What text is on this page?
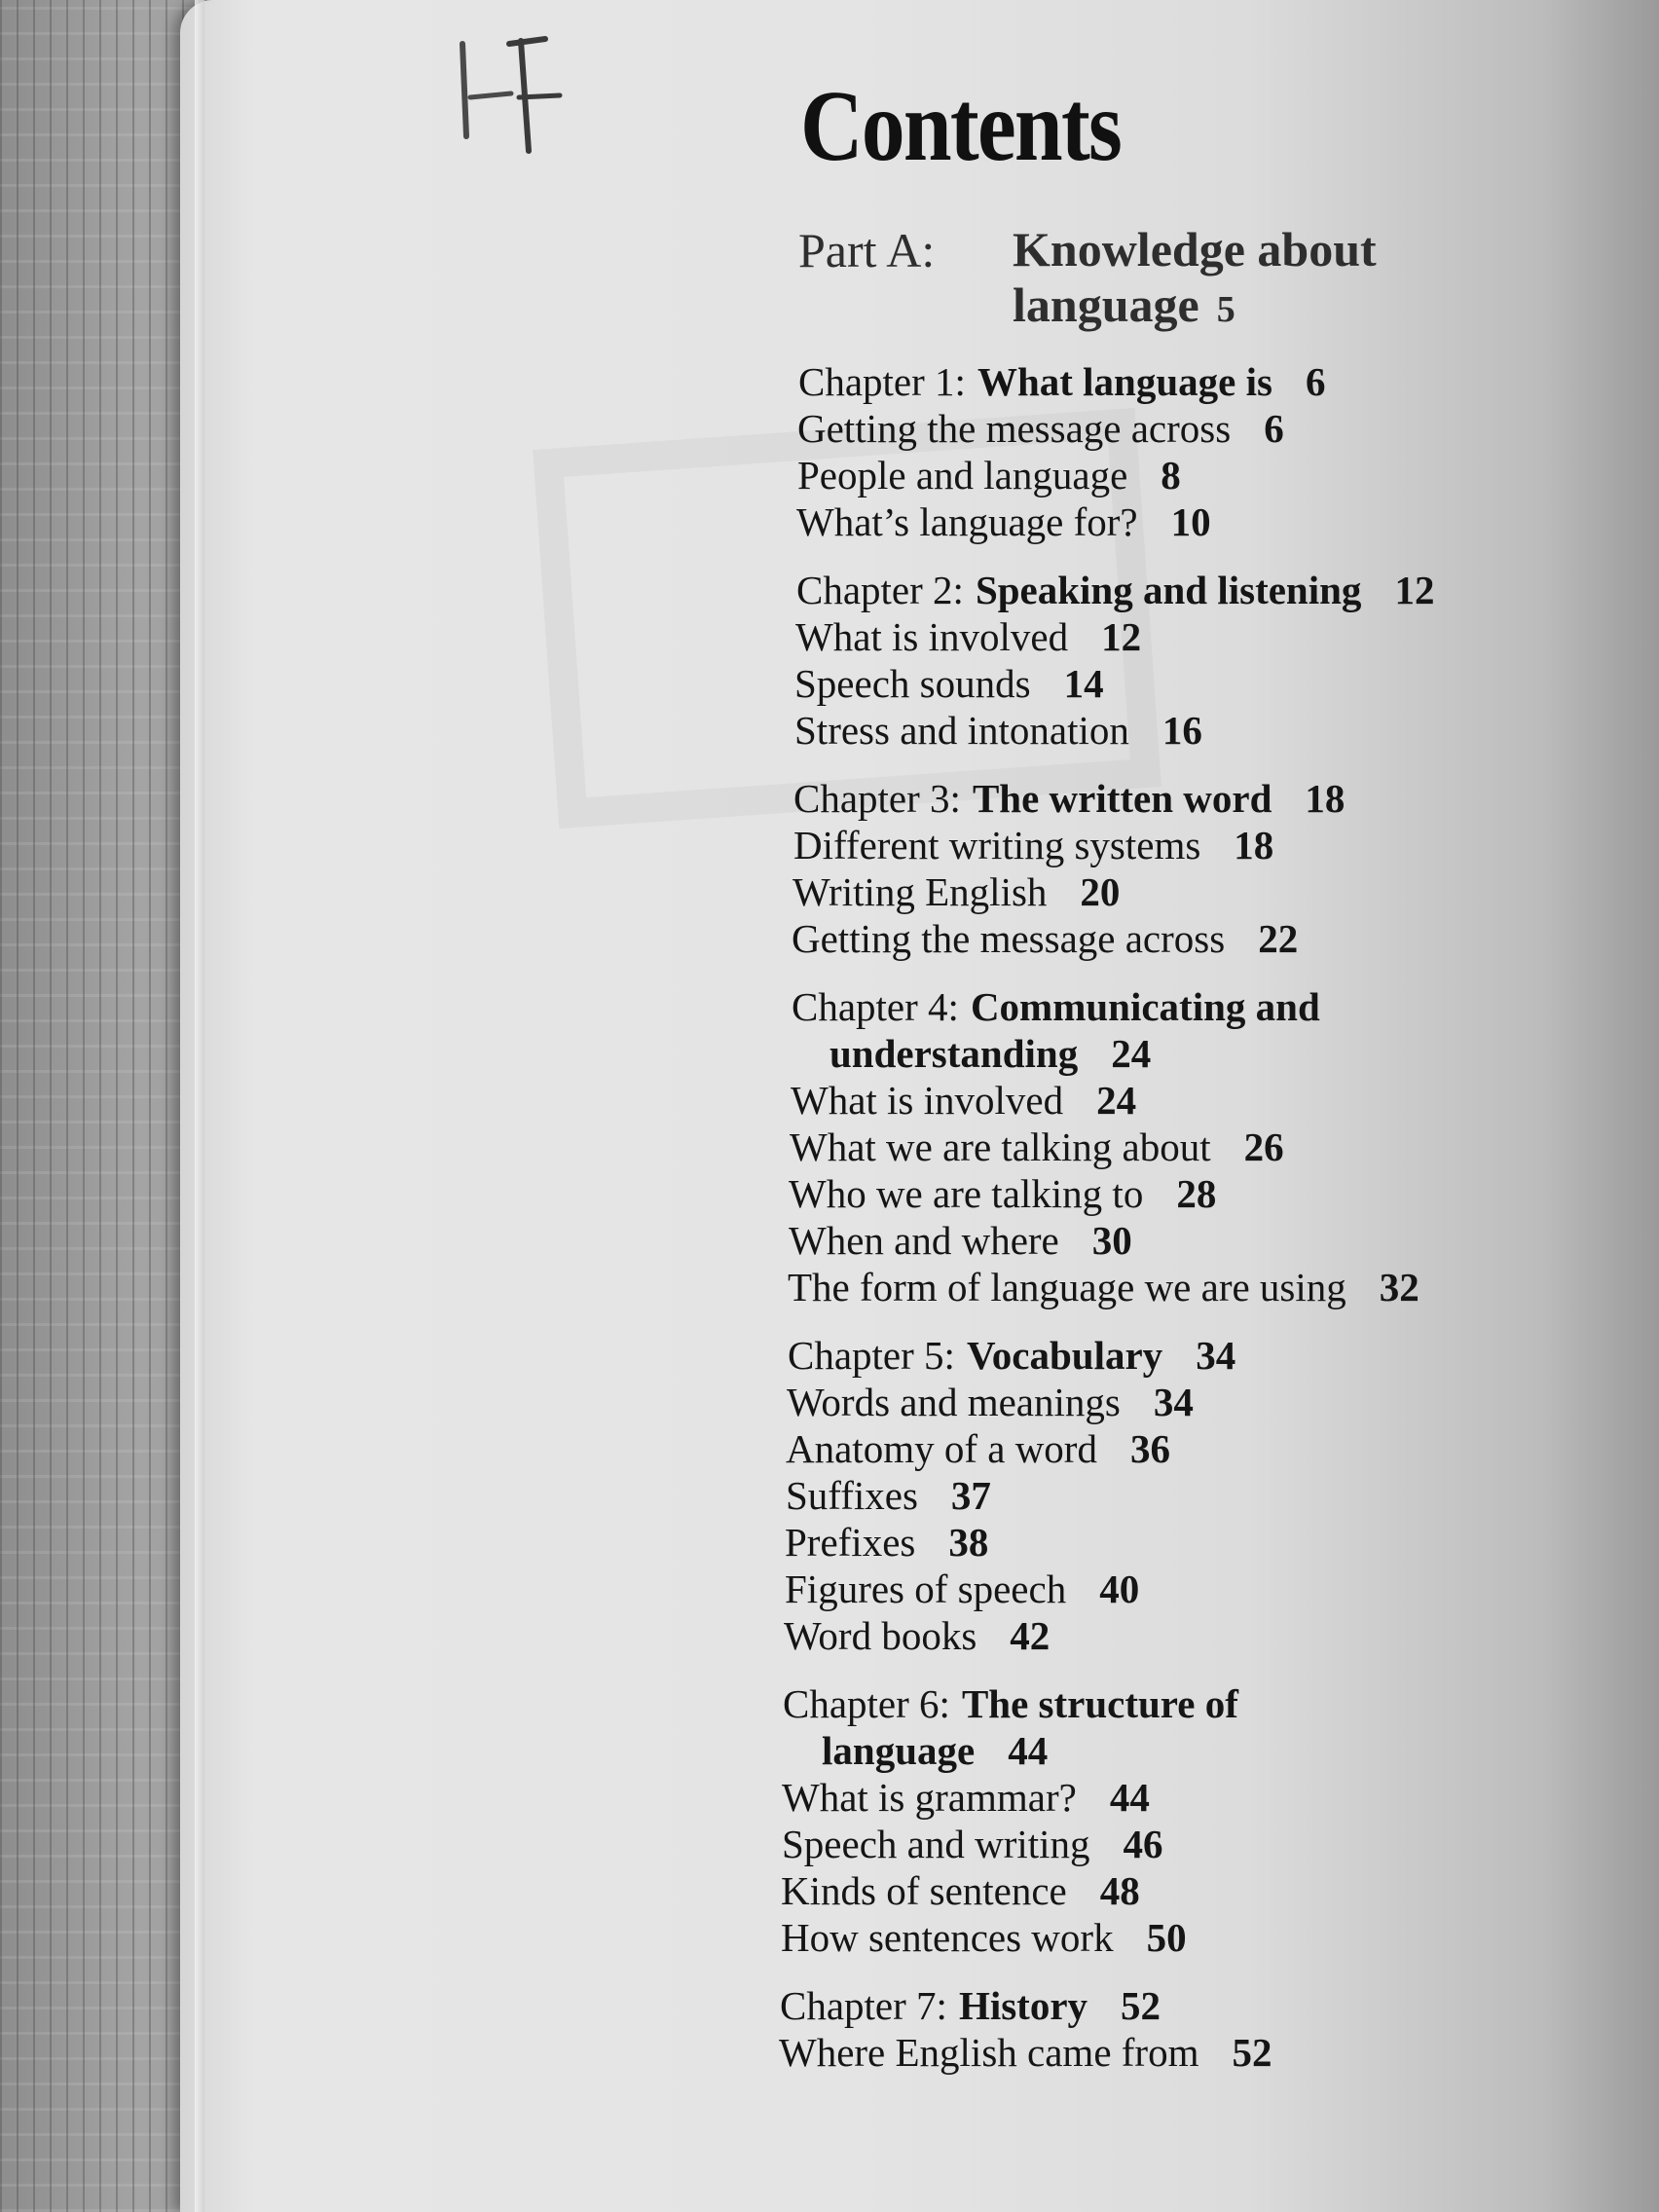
Contents
Part A: Knowledge about
language 5
Chapter 1: What language is 6
Getting the message across 6
People and language 8
What’s language for? 10
Chapter 2: Speaking and listening 12
What is involved 12
Speech sounds 14
Stress and intonation 16
Chapter 3: The written word 18
Different writing systems 18
Writing English 20
Getting the message across 22
Chapter 4: Communicating and
understanding 24
What is involved 24
What we are talking about 26
Who we are talking to 28
When and where 30
The form of language we are using 32
Chapter 5: Vocabulary 34
Words and meanings 34
Anatomy of a word 36
Suffixes 37
Prefixes 38
Figures of speech 40
Word books 42
Chapter 6: The structure of
language 44
What is grammar? 44
Speech and writing 46
Kinds of sentence 48
How sentences work 50
Chapter 7: History 52
Where English came from 52
